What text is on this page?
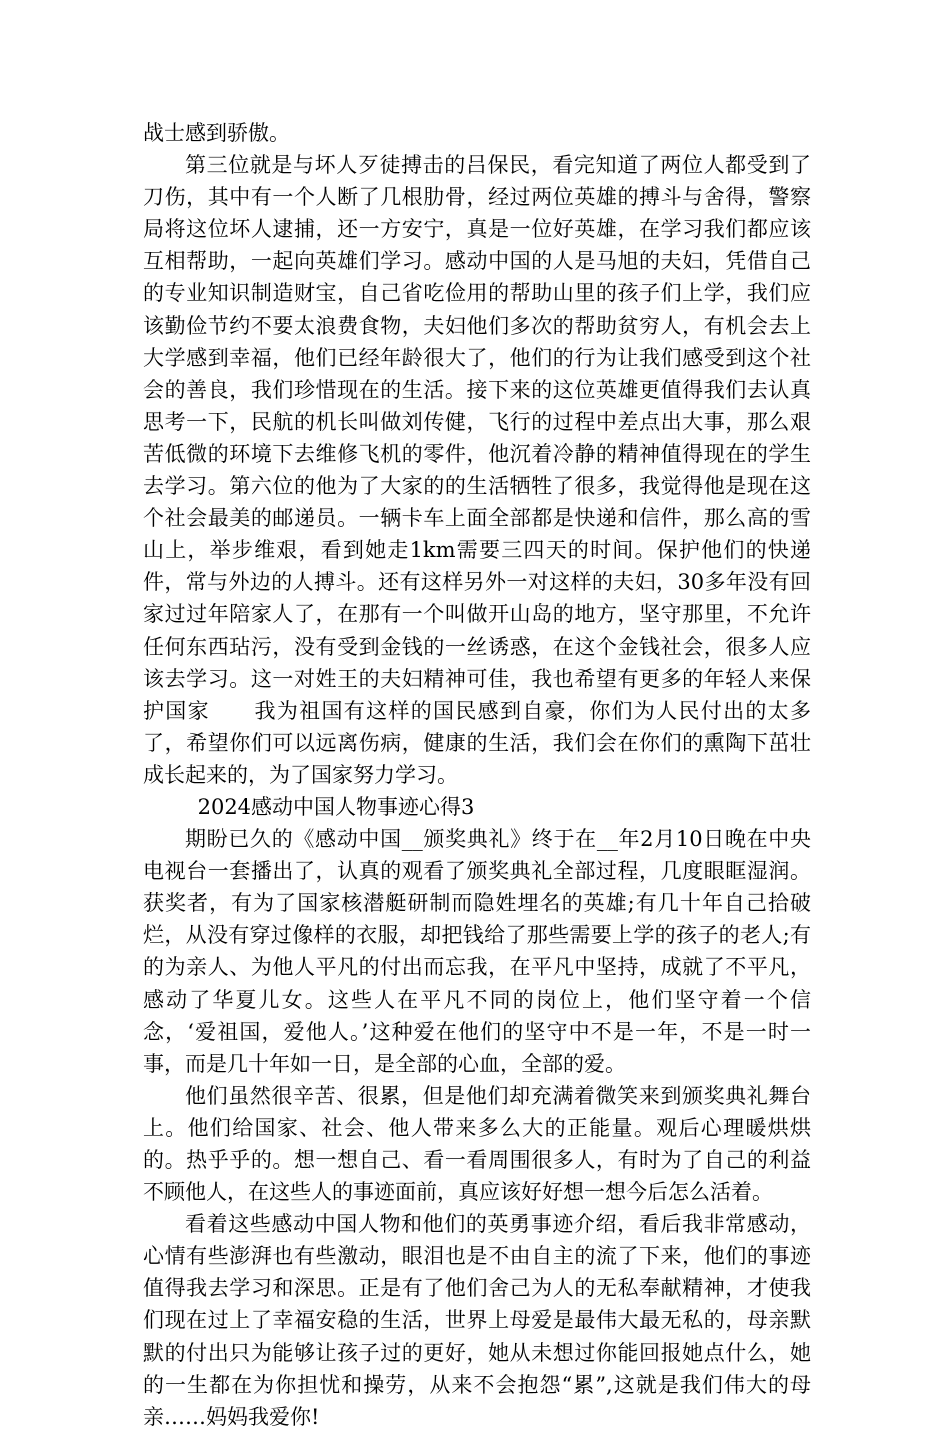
战士感到骄傲。

第三位就是与坏人歹徒搏击的吕保民，看完知道了两位人都受到了刀伤，其中有一个人断了几根肋骨，经过两位英雄的搏斗与舍得，警察局将这位坏人逮捕，还一方安宁，真是一位好英雄，在学习我们都应该互相帮助，一起向英雄们学习。感动中国的人是马旭的夫妇，凭借自己的专业知识制造财宝，自己省吃俭用的帮助山里的孩子们上学，我们应该勤俭节约不要太浪费食物，夫妇他们多次的帮助贫穷人，有机会去上大学感到幸福，他们已经年龄很大了，他们的行为让我们感受到这个社会的善良，我们珍惜现在的生活。接下来的这位英雄更值得我们去认真思考一下，民航的机长叫做刘传健，飞行的过程中差点出大事，那么艰苦低微的环境下去维修飞机的零件，他沉着冷静的精神值得现在的学生去学习。第六位的他为了大家的的生活牺牲了很多，我觉得他是现在这个社会最美的邮递员。一辆卡车上面全部都是快递和信件，那么高的雪山上，举步维艰，看到她走1km需要三四天的时间。保护他们的快递件，常与外边的人搏斗。还有这样另外一对这样的夫妇，30多年没有回家过过年陪家人了，在那有一个叫做开山岛的地方，坚守那里，不允许任何东西玷污，没有受到金钱的一丝诱惑，在这个金钱社会，很多人应该去学习。这一对姓王的夫妇精神可佳，我也希望有更多的年轻人来保护国家　　我为祖国有这样的国民感到自豪，你们为人民付出的太多了，希望你们可以远离伤病，健康的生活，我们会在你们的熏陶下茁壮成长起来的，为了国家努力学习。

2024感动中国人物事迹心得3

期盼已久的《感动中国__颁奖典礼》终于在__年2月10日晚在中央电视台一套播出了，认真的观看了颁奖典礼全部过程，几度眼眶湿润。获奖者，有为了国家核潜艇研制而隐姓埋名的英雄;有几十年自己拾破烂，从没有穿过像样的衣服，却把钱给了那些需要上学的孩子的老人;有的为亲人、为他人平凡的付出而忘我，在平凡中坚持，成就了不平凡，感动了华夏儿女。这些人在平凡不同的岗位上，他们坚守着一个信念，‘爱祖国，爱他人。’这种爱在他们的坚守中不是一年，不是一时一事，而是几十年如一日，是全部的心血，全部的爱。

他们虽然很辛苦、很累，但是他们却充满着微笑来到颁奖典礼舞台上。他们给国家、社会、他人带来多么大的正能量。观后心理暖烘烘的。热乎乎的。想一想自己、看一看周围很多人，有时为了自己的利益不顾他人，在这些人的事迹面前，真应该好好想一想今后怎么活着。

看着这些感动中国人物和他们的英勇事迹介绍，看后我非常感动，心情有些澎湃也有些激动，眼泪也是不由自主的流了下来，他们的事迹值得我去学习和深思。正是有了他们舍己为人的无私奉献精神，才使我们现在过上了幸福安稳的生活，世界上母爱是最伟大最无私的，母亲默默的付出只为能够让孩子过的更好，她从未想过你能回报她点什么，她的一生都在为你担忧和操劳，从来不会抱怨“累”,这就是我们伟大的母亲……妈妈我爱你!
